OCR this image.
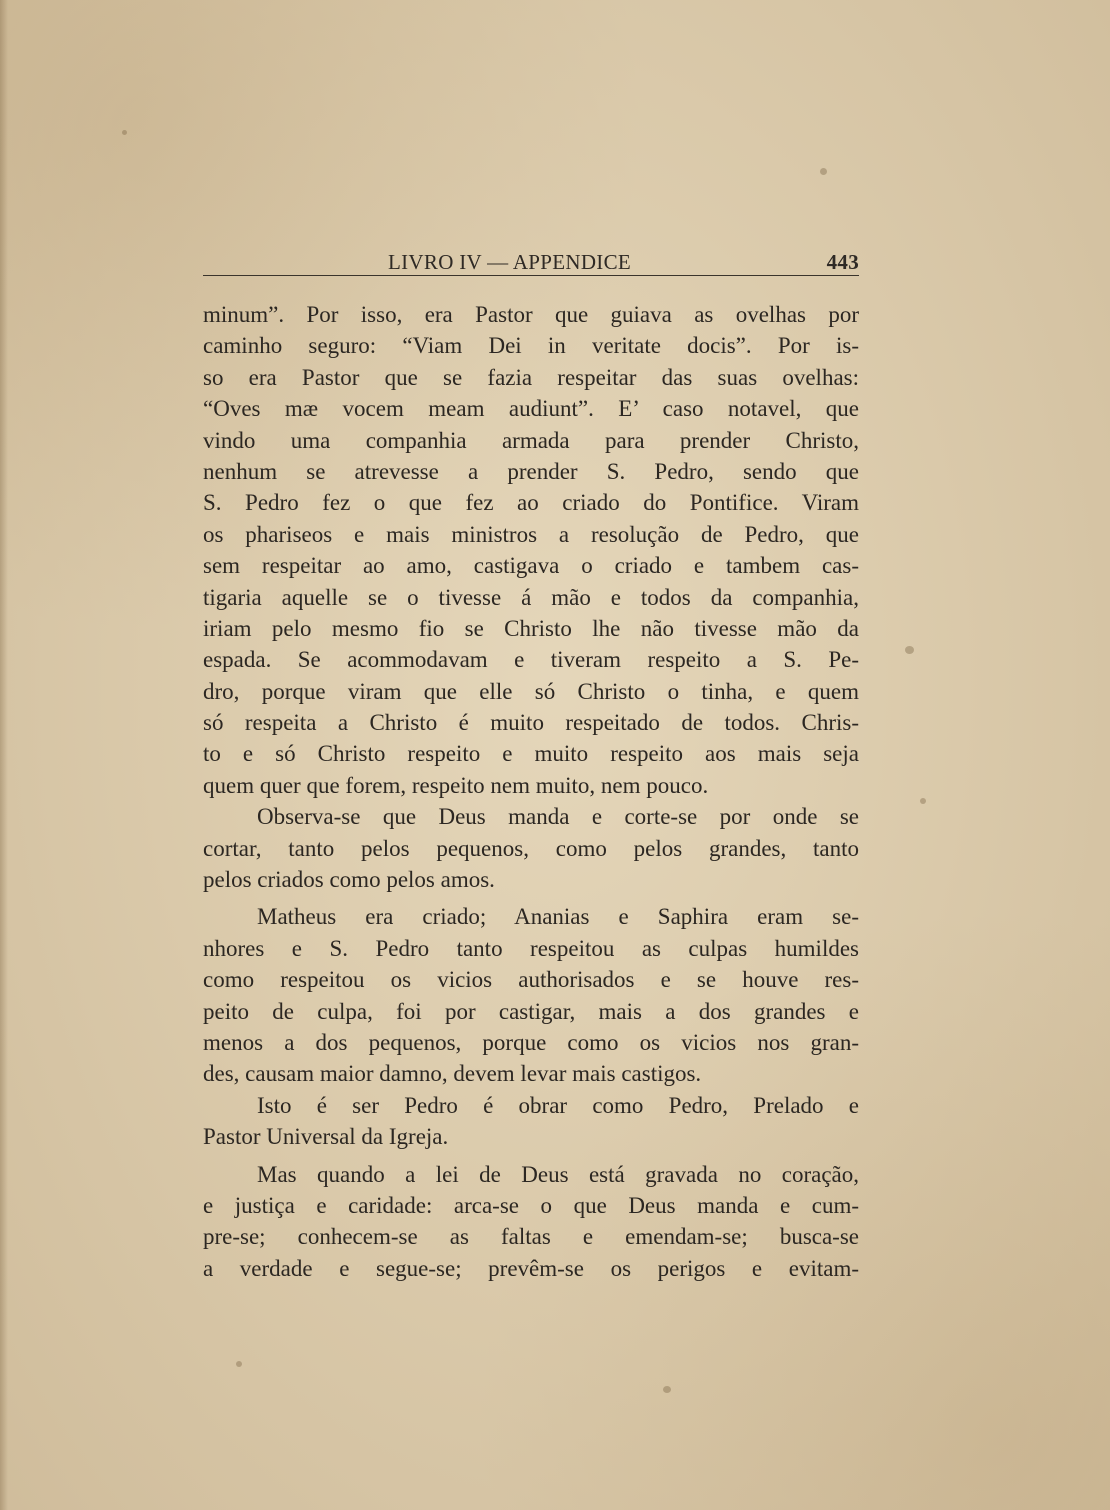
LIVRO IV — APPENDICE	443
minum”. Por isso, era Pastor que guiava as ovelhas por
caminho seguro: “Viam Dei in veritate docis”. Por is-
so era Pastor que se fazia respeitar das suas ovelhas:
“Oves mæ vocem meam audiunt”. E’ caso notavel, que
vindo uma companhia armada para prender Christo,
nenhum se atrevesse a prender S. Pedro, sendo que
S. Pedro fez o que fez ao criado do Pontifice. Viram
os phariseos e mais ministros a resolução de Pedro, que
sem respeitar ao amo, castigava o criado e tambem cas-
tigaria aquelle se o tivesse á mão e todos da companhia,
iriam pelo mesmo fio se Christo lhe não tivesse mão da
espada. Se acommodavam e tiveram respeito a S. Pe-
dro, porque viram que elle só Christo o tinha, e quem
só respeita a Christo é muito respeitado de todos. Chris-
to e só Christo respeito e muito respeito aos mais seja
quem quer que forem, respeito nem muito, nem pouco.
Observa-se que Deus manda e corte-se por onde se
cortar, tanto pelos pequenos, como pelos grandes, tanto
pelos criados como pelos amos.
Matheus era criado; Ananias e Saphira eram se-
nhores e S. Pedro tanto respeitou as culpas humildes
como respeitou os vicios authorisados e se houve res-
peito de culpa, foi por castigar, mais a dos grandes e
menos a dos pequenos, porque como os vicios nos gran-
des, causam maior damno, devem levar mais castigos.
Isto é ser Pedro é obrar como Pedro, Prelado e
Pastor Universal da Igreja.
Mas quando a lei de Deus está gravada no coração,
e justiça e caridade: arca-se o que Deus manda e cum-
pre-se; conhecem-se as faltas e emendam-se; busca-se
a verdade e segue-se; prevêm-se os perigos e evitam-
